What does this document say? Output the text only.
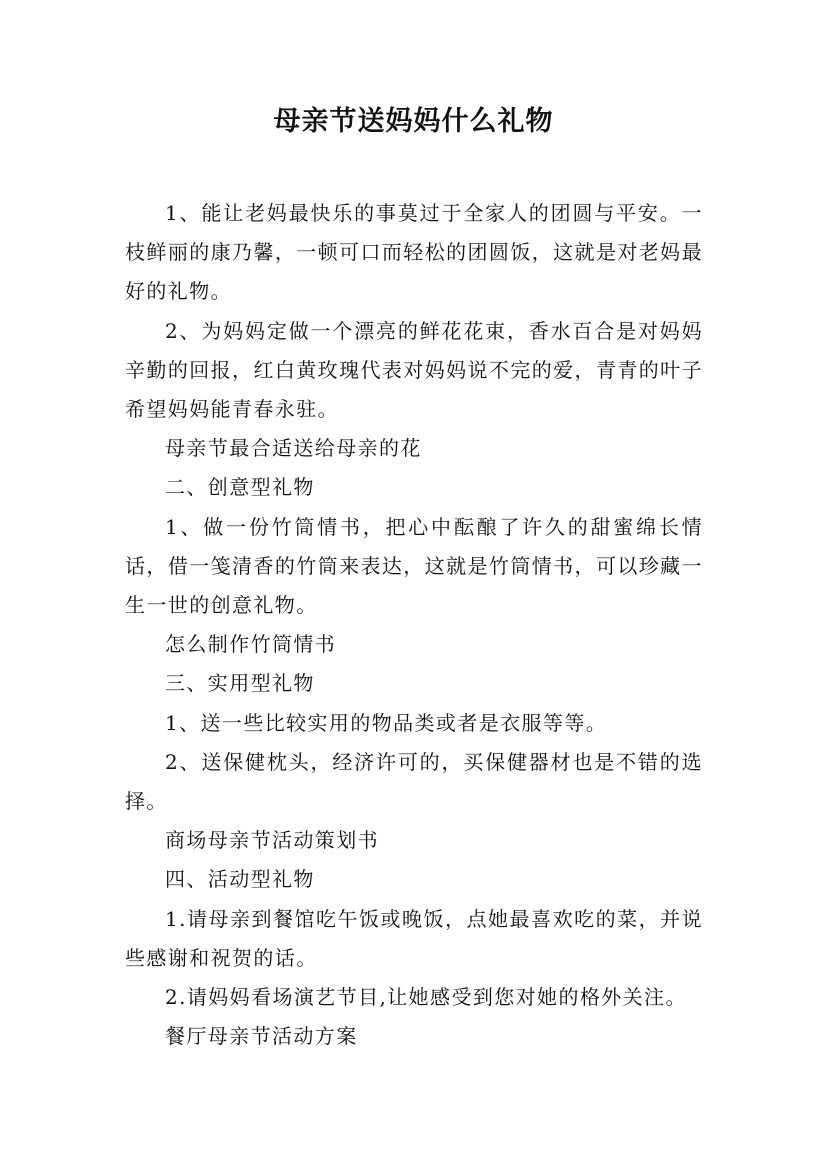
母亲节送妈妈什么礼物

1、能让老妈最快乐的事莫过于全家人的团圆与平安。一枝鲜丽的康乃馨，一顿可口而轻松的团圆饭，这就是对老妈最好的礼物。

2、为妈妈定做一个漂亮的鲜花花束，香水百合是对妈妈辛勤的回报，红白黄玫瑰代表对妈妈说不完的爱，青青的叶子希望妈妈能青春永驻。

母亲节最合适送给母亲的花

二、创意型礼物

1、做一份竹筒情书，把心中酝酿了许久的甜蜜绵长情话，借一笺清香的竹筒来表达，这就是竹筒情书，可以珍藏一生一世的创意礼物。

怎么制作竹筒情书

三、实用型礼物

1、送一些比较实用的物品类或者是衣服等等。

2、送保健枕头，经济许可的，买保健器材也是不错的选择。

商场母亲节活动策划书

四、活动型礼物

1.请母亲到餐馆吃午饭或晚饭，点她最喜欢吃的菜，并说些感谢和祝贺的话。

2.请妈妈看场演艺节目,让她感受到您对她的格外关注。

餐厅母亲节活动方案
